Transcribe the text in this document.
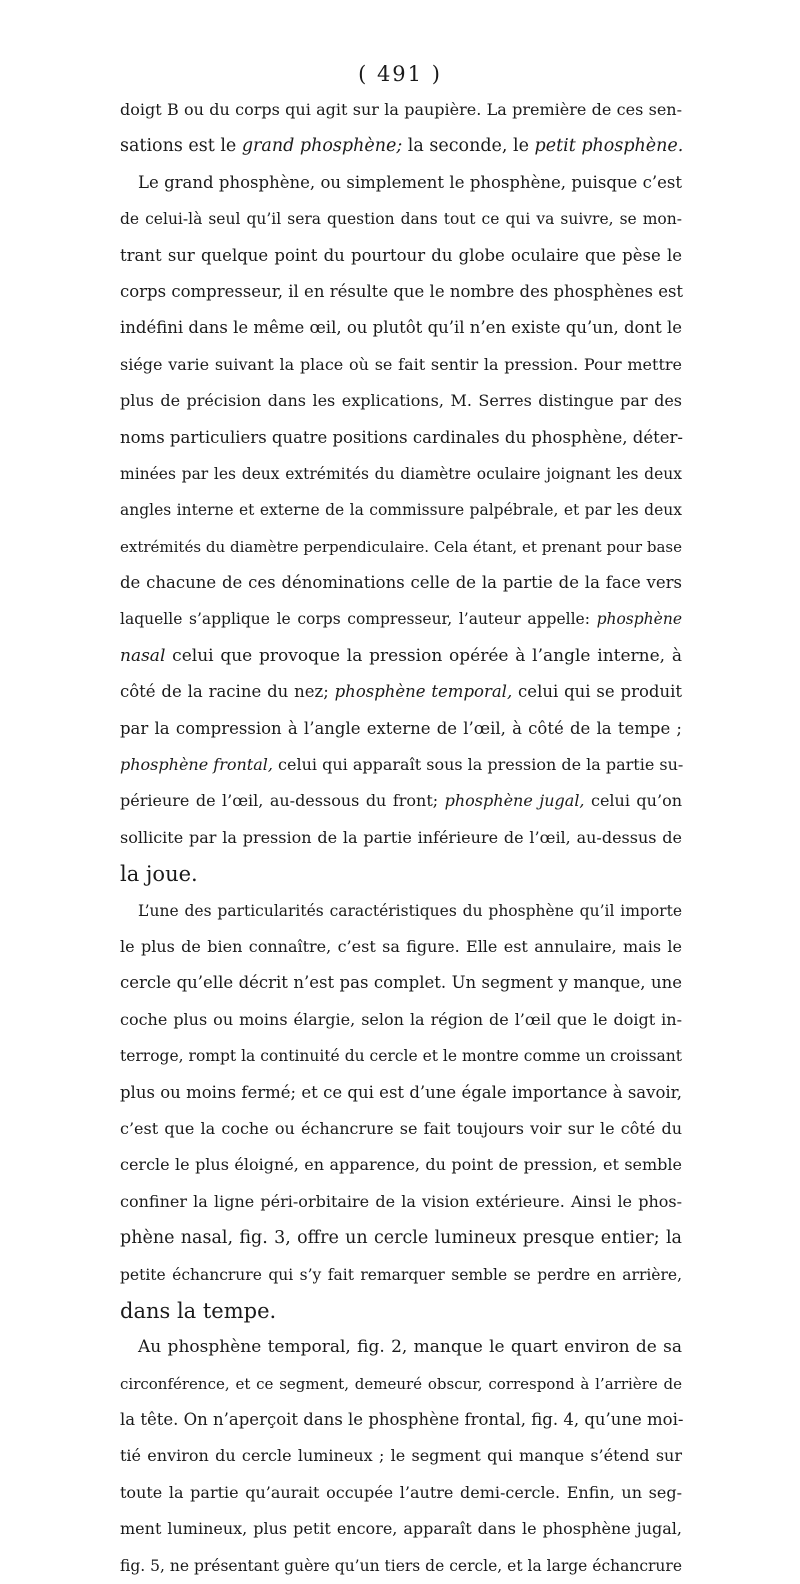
( 491 )
doigt B ou du corps qui agit sur la paupière. La première de ces sen-
sations est le grand phosphène; la seconde, le petit phosphène.
Le grand phosphène, ou simplement le phosphène, puisque c’est
de celui-là seul qu’il sera question dans tout ce qui va suivre, se mon-
trant sur quelque point du pourtour du globe oculaire que pèse le
corps compresseur, il en résulte que le nombre des phosphènes est
indéfini dans le même œil, ou plutôt qu’il n’en existe qu’un, dont le
siége varie suivant la place où se fait sentir la pression. Pour mettre
plus de précision dans les explications, M. Serres distingue par des
noms particuliers quatre positions cardinales du phosphène, déter-
minées par les deux extrémités du diamètre oculaire joignant les deux
angles interne et externe de la commissure palpébrale, et par les deux
extrémités du diamètre perpendiculaire. Cela étant, et prenant pour base
de chacune de ces dénominations celle de la partie de la face vers
laquelle s’applique le corps compresseur, l’auteur appelle: phosphène
nasal celui que provoque la pression opérée à l’angle interne, à
côté de la racine du nez; phosphène temporal, celui qui se produit
par la compression à l’angle externe de l’œil, à côté de la tempe ;
phosphène frontal, celui qui apparaît sous la pression de la partie su-
périeure de l’œil, au-dessous du front; phosphène jugal, celui qu’on
sollicite par la pression de la partie inférieure de l’œil, au-dessus de
la joue.
L’une des particularités caractéristiques du phosphène qu’il importe
le plus de bien connaître, c’est sa figure. Elle est annulaire, mais le
cercle qu’elle décrit n’est pas complet. Un segment y manque, une
coche plus ou moins élargie, selon la région de l’œil que le doigt in-
terroge, rompt la continuité du cercle et le montre comme un croissant
plus ou moins fermé; et ce qui est d’une égale importance à savoir,
c’est que la coche ou échancrure se fait toujours voir sur le côté du
cercle le plus éloigné, en apparence, du point de pression, et semble
confiner la ligne péri-orbitaire de la vision extérieure. Ainsi le phos-
phène nasal, fig. 3, offre un cercle lumineux presque entier; la
petite échancrure qui s’y fait remarquer semble se perdre en arrière,
dans la tempe.
Au phosphène temporal, fig. 2, manque le quart environ de sa
circonférence, et ce segment, demeuré obscur, correspond à l’arrière de
la tête. On n’aperçoit dans le phosphène frontal, fig. 4, qu’une moi-
tié environ du cercle lumineux ; le segment qui manque s’étend sur
toute la partie qu’aurait occupée l’autre demi-cercle. Enfin, un seg-
ment lumineux, plus petit encore, apparaît dans le phosphène jugal,
fig. 5, ne présentant guère qu’un tiers de cercle, et la large échancrure
